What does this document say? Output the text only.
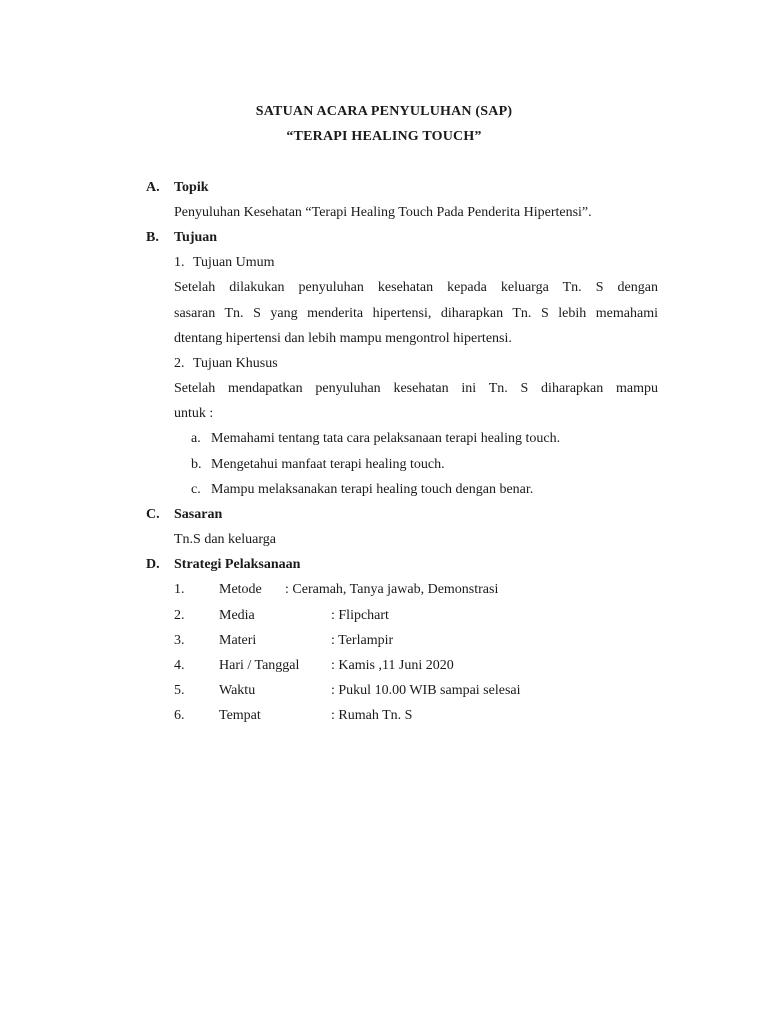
SATUAN ACARA PENYULUHAN (SAP)
“TERAPI HEALING TOUCH”
A. Topik
Penyuluhan Kesehatan “Terapi Healing Touch Pada Penderita Hipertensi”.
B. Tujuan
1. Tujuan Umum
Setelah dilakukan penyuluhan kesehatan kepada keluarga Tn. S dengan
sasaran Tn. S yang menderita hipertensi, diharapkan Tn. S lebih memahami
dtentang hipertensi dan lebih mampu mengontrol hipertensi.
2. Tujuan Khusus
Setelah mendapatkan penyuluhan kesehatan ini Tn. S diharapkan mampu
untuk :
a. Memahami tentang tata cara pelaksanaan terapi healing touch.
b. Mengetahui manfaat terapi healing touch.
c. Mampu melaksanakan terapi healing touch dengan benar.
C. Sasaran
Tn.S dan keluarga
D. Strategi Pelaksanaan
1. Metode : Ceramah, Tanya jawab, Demonstrasi
2. Media	: Flipchart
3. Materi	: Terlampir
4. Hari / Tanggal : Kamis ,11 Juni 2020
5. Waktu	: Pukul 10.00 WIB sampai selesai
6. Tempat	: Rumah Tn. S
